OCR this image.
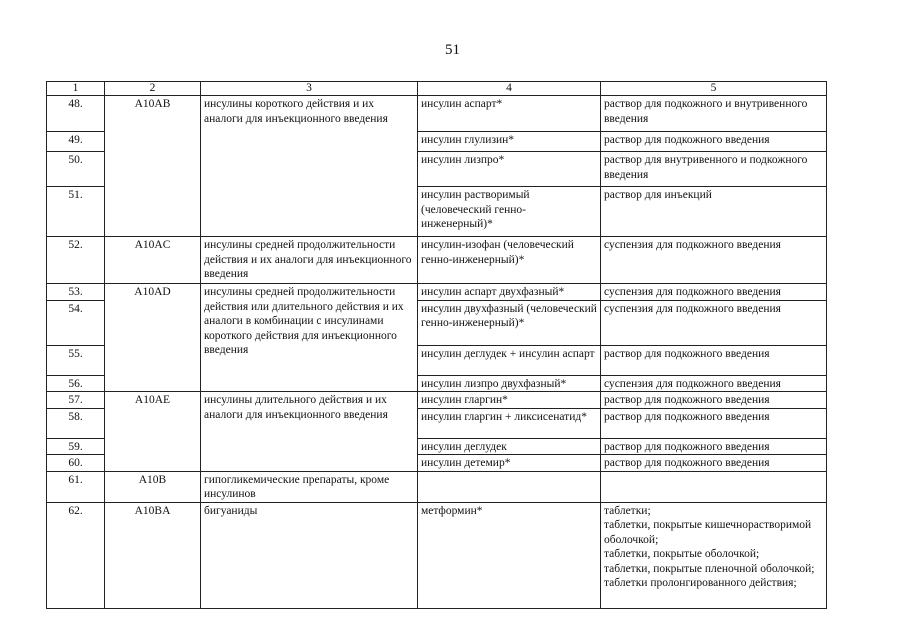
51
1	2	3	4	5
48.	A10AB	инсулины короткого действия и их аналоги для инъекционного введения	инсулин аспарт*	раствор для подкожного и внутривенного введения
49.			инсулин глулизин*	раствор для подкожного введения
50.			инсулин лизпро*	раствор для внутривенного и подкожного введения
51.			инсулин растворимый (человеческий генно-инженерный)*	раствор для инъекций
52.	A10AC	инсулины средней продолжительности действия и их аналоги для инъекционного введения	инсулин-изофан (человеческий генно-инженерный)*	суспензия для подкожного введения
53.	A10AD	инсулины средней продолжительности действия или длительного действия и их аналоги в комбинации с инсулинами короткого действия для инъекционного введения	инсулин аспарт двухфазный*	суспензия для подкожного введения
54.			инсулин двухфазный (человеческий генно-инженерный)*	суспензия для подкожного введения
55.			инсулин деглудек + инсулин аспарт	раствор для подкожного введения
56.			инсулин лизпро двухфазный*	суспензия для подкожного введения
57.	A10AE	инсулины длительного действия и их аналоги для инъекционного введения	инсулин гларгин*	раствор для подкожного введения
58.			инсулин гларгин + ликсисенатид*	раствор для подкожного введения
59.			инсулин деглудек	раствор для подкожного введения
60.			инсулин детемир*	раствор для подкожного введения
61.	A10B	гипогликемические препараты, кроме инсулинов		
62.	A10BA	бигуаниды	метформин*	таблетки;
таблетки, покрытые кишечнорастворимой оболочкой;
таблетки, покрытые оболочкой;
таблетки, покрытые пленочной оболочкой;
таблетки пролонгированного действия;
